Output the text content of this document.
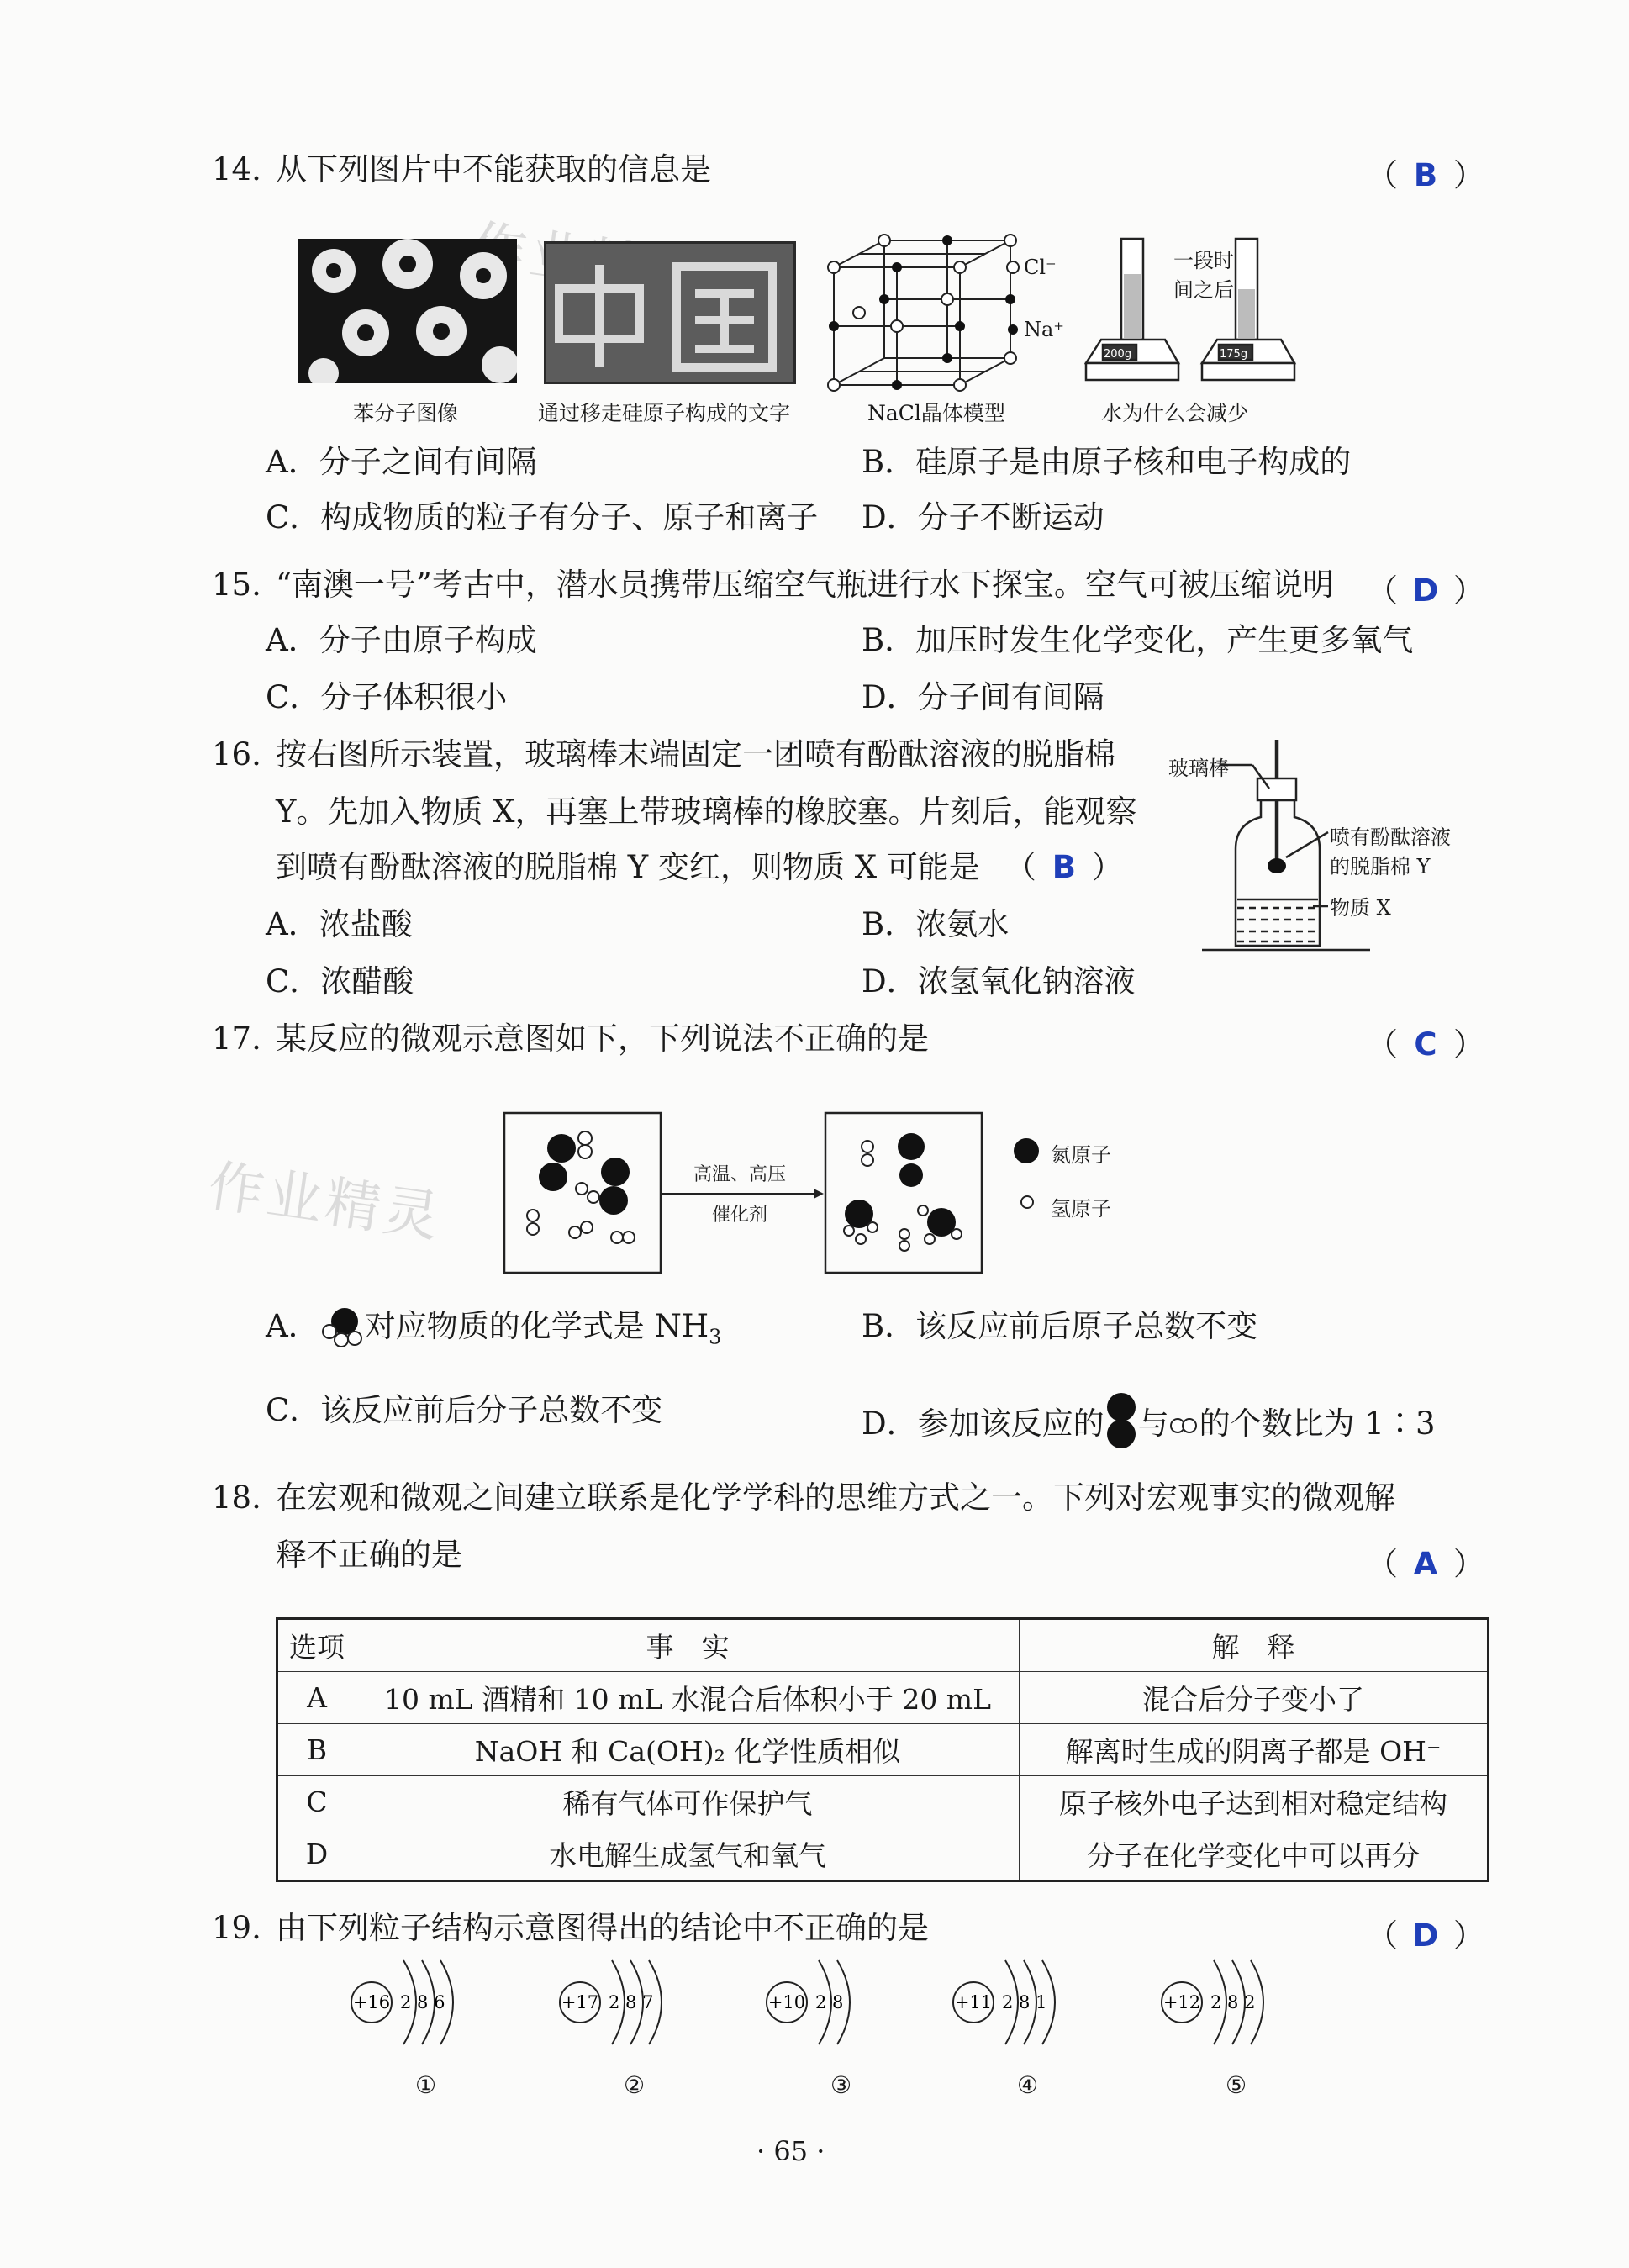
作业精灵
14. 从下列图片中不能获取的信息是	（ B ）
Cl⁻
Na⁺
200g	175g
一段时
间之后
苯分子图像	通过移走硅原子构成的文字	NaCl晶体模型	水为什么会减少
A．分子之间有间隔	B．硅原子是由原子核和电子构成的
C．构成物质的粒子有分子、原子和离子 D．分子不断运动
15. “南澳一号”考古中，潜水员携带压缩空气瓶进行水下探宝。空气可被压缩说明 （ D ）
A．分子由原子构成	B．加压时发生化学变化，产生更多氧气
C．分子体积很小	D．分子间有间隔
16. 按右图所示装置，玻璃棒末端固定一团喷有酚酞溶液的脱脂棉
Y。先加入物质 X，再塞上带玻璃棒的橡胶塞。片刻后，能观察
到喷有酚酞溶液的脱脂棉 Y 变红，则物质 X 可能是 （ B ）
A．浓盐酸	B．浓氨水
C．浓醋酸	D．浓氢氧化钠溶液
玻璃棒
喷有酚酞溶液
的脱脂棉 Y
物质 X
17. 某反应的微观示意图如下，下列说法不正确的是	（ C ）
高温、高压
催化剂
氮原子
氢原子
A． 对应物质的化学式是 $NH_3$	B．该反应前后原子总数不变
C．该反应前后分子总数不变	D．参加该反应的 与 的个数比为 1∶3
18. 在宏观和微观之间建立联系是化学学科的思维方式之一。下列对宏观事实的微观解
释不正确的是	（ A ）
选项	事　实	解　释
A	10 mL 酒精和 10 mL 水混合后体积小于 20 mL	混合后分子变小了
B	NaOH 和 Ca(OH)₂ 化学性质相似	解离时生成的阴离子都是 OH⁻
C	稀有气体可作保护气	原子核外电子达到相对稳定结构
D	水电解生成氢气和氧气	分子在化学变化中可以再分
19. 由下列粒子结构示意图得出的结论中不正确的是	（ D ）
+16 2 8 6
①
+17 2 8 7
②
+10 2 8
③
+11 2 8 1
④
+12 2 8 2
⑤
· 65 ·
